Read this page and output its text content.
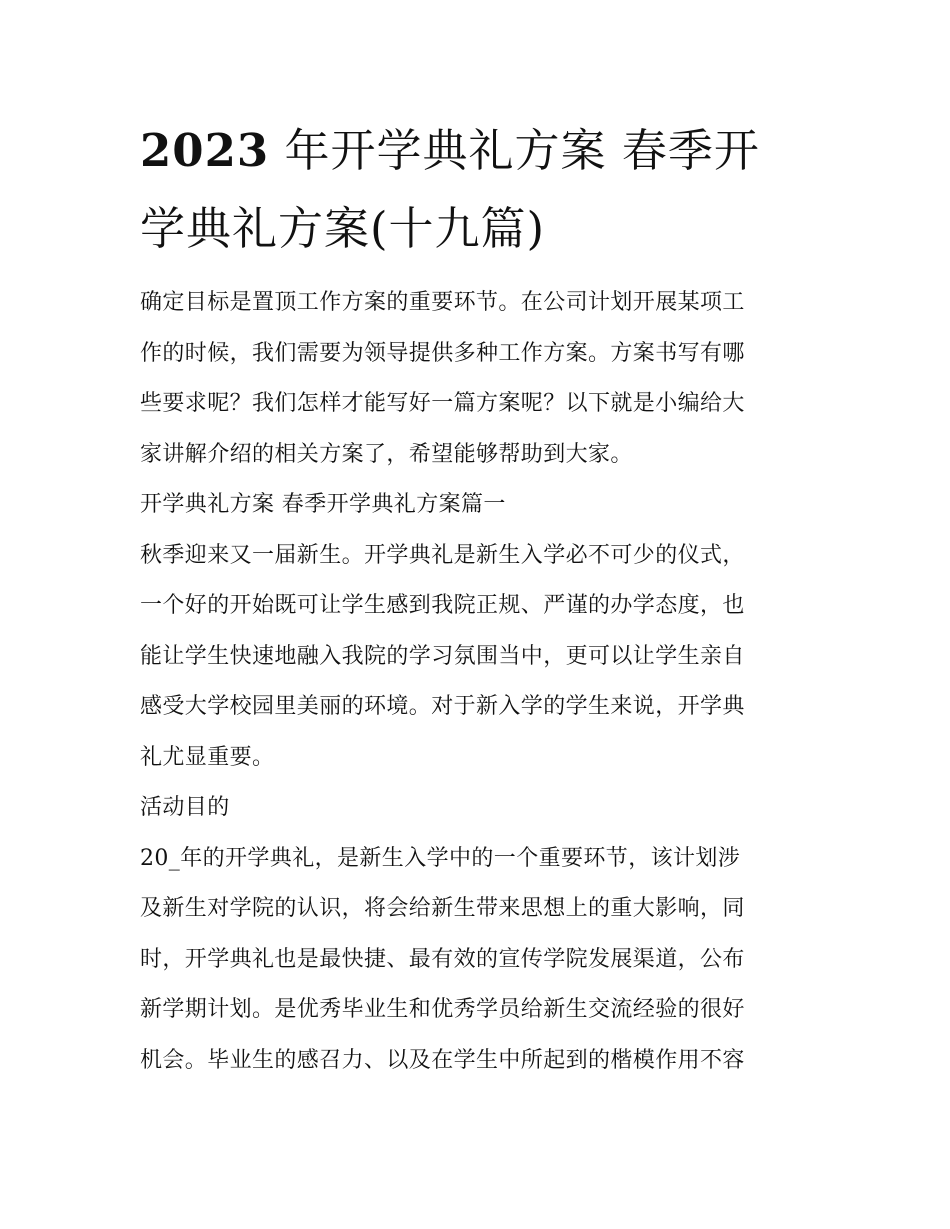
2023 年开学典礼方案 春季开
学典礼方案(十九篇)

确定目标是置顶工作方案的重要环节。在公司计划开展某项工
作的时候，我们需要为领导提供多种工作方案。方案书写有哪
些要求呢？我们怎样才能写好一篇方案呢？以下就是小编给大
家讲解介绍的相关方案了，希望能够帮助到大家。

开学典礼方案 春季开学典礼方案篇一

秋季迎来又一届新生。开学典礼是新生入学必不可少的仪式，
一个好的开始既可让学生感到我院正规、严谨的办学态度，也
能让学生快速地融入我院的学习氛围当中，更可以让学生亲自
感受大学校园里美丽的环境。对于新入学的学生来说，开学典
礼尤显重要。

活动目的

20_年的开学典礼，是新生入学中的一个重要环节，该计划涉
及新生对学院的认识，将会给新生带来思想上的重大影响，同
时，开学典礼也是最快捷、最有效的宣传学院发展渠道，公布
新学期计划。是优秀毕业生和优秀学员给新生交流经验的很好
机会。毕业生的感召力、以及在学生中所起到的楷模作用不容
